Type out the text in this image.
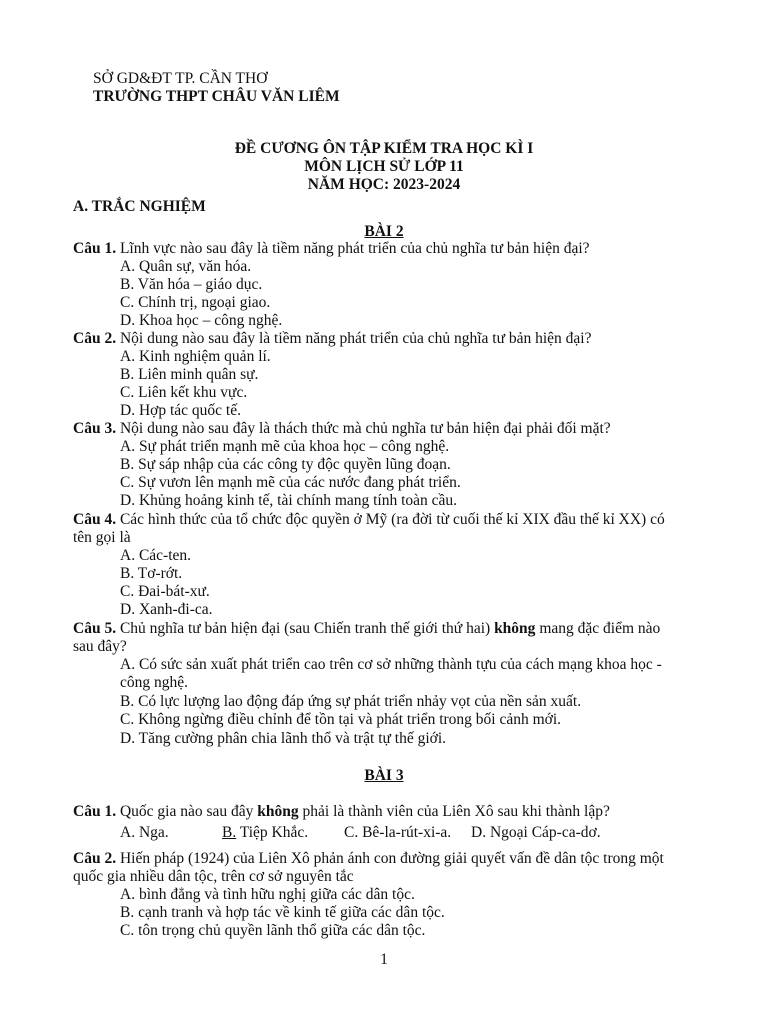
SỞ GD&ĐT TP. CẦN THƠ
TRƯỜNG THPT CHÂU VĂN LIÊM
ĐỀ CƯƠNG ÔN TẬP KIỂM TRA HỌC KÌ I
MÔN LỊCH SỬ LỚP 11
NĂM HỌC: 2023-2024
A. TRẮC NGHIỆM
BÀI 2
Câu 1. Lĩnh vực nào sau đây là tiềm năng phát triển của chủ nghĩa tư bản hiện đại?
A. Quân sự, văn hóa.
B. Văn hóa – giáo dục.
C. Chính trị, ngoại giao.
D. Khoa học – công nghệ.
Câu 2. Nội dung nào sau đây là tiềm năng phát triển của chủ nghĩa tư bản hiện đại?
A. Kinh nghiệm quản lí.
B. Liên minh quân sự.
C. Liên kết khu vực.
D. Hợp tác quốc tế.
Câu 3. Nội dung nào sau đây là thách thức mà chủ nghĩa tư bản hiện đại phải đối mặt?
A. Sự phát triển mạnh mẽ của khoa học – công nghệ.
B. Sự sáp nhập của các công ty độc quyền lũng đoạn.
C. Sự vươn lên mạnh mẽ của các nước đang phát triển.
D. Khủng hoảng kinh tế, tài chính mang tính toàn cầu.
Câu 4. Các hình thức của tổ chức độc quyền ở Mỹ (ra đời từ cuối thế kỉ XIX đầu thế kỉ XX) có
tên gọi là
A. Các-ten.
B. Tơ-rớt.
C. Đai-bát-xư.
D. Xanh-đi-ca.
Câu 5. Chủ nghĩa tư bản hiện đại (sau Chiến tranh thế giới thứ hai) không mang đặc điểm nào
sau đây?
A. Có sức sản xuất phát triển cao trên cơ sở những thành tựu của cách mạng khoa học -
công nghệ.
B. Có lực lượng lao động đáp ứng sự phát triển nhảy vọt của nền sản xuất.
C. Không ngừng điều chỉnh để tồn tại và phát triển trong bối cảnh mới.
D. Tăng cường phân chia lãnh thổ và trật tự thế giới.
BÀI 3
Câu 1. Quốc gia nào sau đây không phải là thành viên của Liên Xô sau khi thành lập?
A. Nga.	B. Tiệp Khắc. C. Bê-la-rút-xi-a. D. Ngoại Cáp-ca-dơ.
Câu 2. Hiến pháp (1924) của Liên Xô phản ánh con đường giải quyết vấn đề dân tộc trong một
quốc gia nhiều dân tộc, trên cơ sở nguyên tắc
A. bình đẳng và tình hữu nghị giữa các dân tộc.
B. cạnh tranh và hợp tác về kinh tế giữa các dân tộc.
C. tôn trọng chủ quyền lãnh thổ giữa các dân tộc.
1
